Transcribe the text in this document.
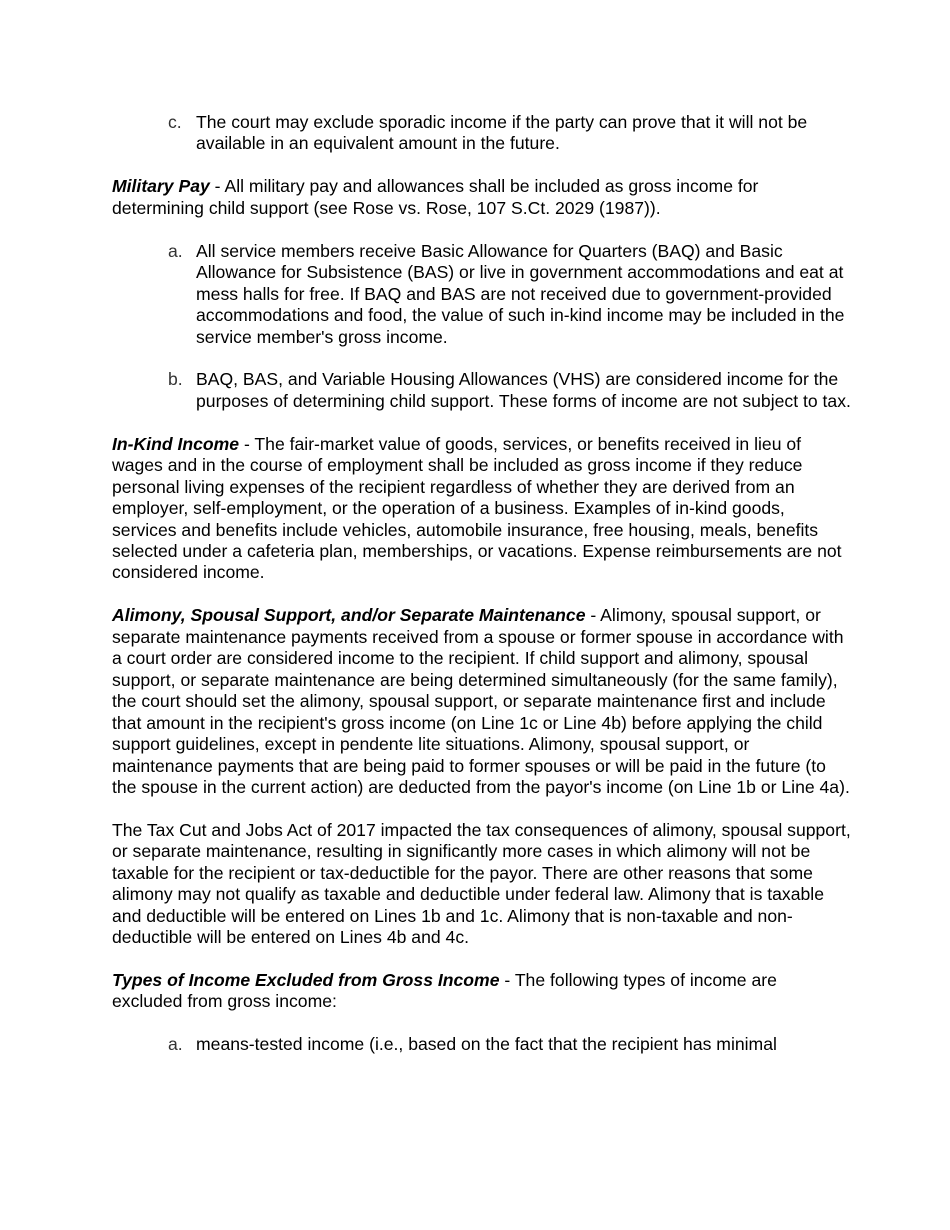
c. The court may exclude sporadic income if the party can prove that it will not be available in an equivalent amount in the future.

Military Pay - All military pay and allowances shall be included as gross income for determining child support (see Rose vs. Rose, 107 S.Ct. 2029 (1987)).

a. All service members receive Basic Allowance for Quarters (BAQ) and Basic Allowance for Subsistence (BAS) or live in government accommodations and eat at mess halls for free. If BAQ and BAS are not received due to government-provided accommodations and food, the value of such in-kind income may be included in the service member's gross income.
b. BAQ, BAS, and Variable Housing Allowances (VHS) are considered income for the purposes of determining child support. These forms of income are not subject to tax.

In-Kind Income - The fair-market value of goods, services, or benefits received in lieu of wages and in the course of employment shall be included as gross income if they reduce personal living expenses of the recipient regardless of whether they are derived from an employer, self-employment, or the operation of a business. Examples of in-kind goods, services and benefits include vehicles, automobile insurance, free housing, meals, benefits selected under a cafeteria plan, memberships, or vacations. Expense reimbursements are not considered income.

Alimony, Spousal Support, and/or Separate Maintenance - Alimony, spousal support, or separate maintenance payments received from a spouse or former spouse in accordance with a court order are considered income to the recipient. If child support and alimony, spousal support, or separate maintenance are being determined simultaneously (for the same family), the court should set the alimony, spousal support, or separate maintenance first and include that amount in the recipient's gross income (on Line 1c or Line 4b) before applying the child support guidelines, except in pendente lite situations. Alimony, spousal support, or maintenance payments that are being paid to former spouses or will be paid in the future (to the spouse in the current action) are deducted from the payor's income (on Line 1b or Line 4a).

The Tax Cut and Jobs Act of 2017 impacted the tax consequences of alimony, spousal support, or separate maintenance, resulting in significantly more cases in which alimony will not be taxable for the recipient or tax-deductible for the payor. There are other reasons that some alimony may not qualify as taxable and deductible under federal law. Alimony that is taxable and deductible will be entered on Lines 1b and 1c. Alimony that is non-taxable and non-deductible will be entered on Lines 4b and 4c.

Types of Income Excluded from Gross Income - The following types of income are excluded from gross income:

a. means-tested income (i.e., based on the fact that the recipient has minimal
